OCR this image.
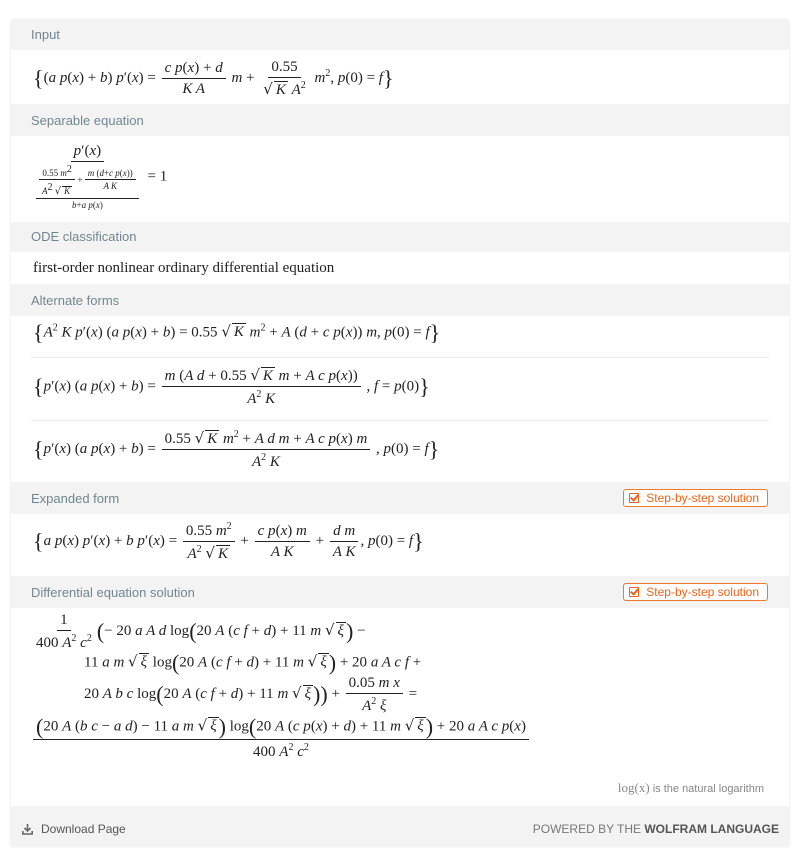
Input
{(a p(x) + b) $p'(x) = \frac{\text{c p(x) + d}}{\text{K A}}$ $m + \frac{0.55}{√ K A^2} m^2$, p(0) = f}
Separable equation
p′(x)
$\frac{\frac{0.55 m^2}{A^2 √ K} + \frac{\text{m (d+c p(x))}}{\text{A K}}}{\text{b+a p(x)}} = 1$
ODE classification
first-order nonlinear ordinary differential equation
Alternate forms
{$A^2$ K p′(x) (a p(x) + b) = 0.55 √ K $m^2 + A$ (d + c p(x)) m, p(0) = f}
{p′(x) (a $p(x) + b) = \frac{\text{m (A d + 0.55 √ K m + A c p(x))}}{A^2 K}$ , f = p(0)}
{p′(x) (a $p(x) + b) = \frac{0.55 √ K m^2 + A d m + A c p(x) m}{A^2 K}$ , p(0) = f}
Expanded form	Step-by-step solution
{a p(x) p′(x) + b $p'(x) = \frac{0.55 m^2}{A^2 √ K} + \frac{\text{c p(x) m}}{\text{A K}} + \frac{\text{d m}}{\text{A K}}$ , p(0) = f}
Differential equation solution	Step-by-step solution
$\frac{1}{400 A^2 c^2}$ (− 20 a A d log(20 A (c f + d) + 11 m √ ξ) −
11 a m √ ξ log(20 A (c f + d) + 11 m √ ξ) + 20 a A c f +
20 A b c log(20 A (c f + d) + 11 m √ $\xi)) + \frac{\text{0.05 m x}}{A^2 \xi}$ =
(20 A (b c − a d) − 11 a m √ ξ) log(20 A (c p(x) + d) + 11 m √ ξ) + 20 a A c p(x)
400 $A^2$ $c^2$
log(x) is the natural logarithm
Download Page	POWERED BY THE WOLFRAM LANGUAGE
